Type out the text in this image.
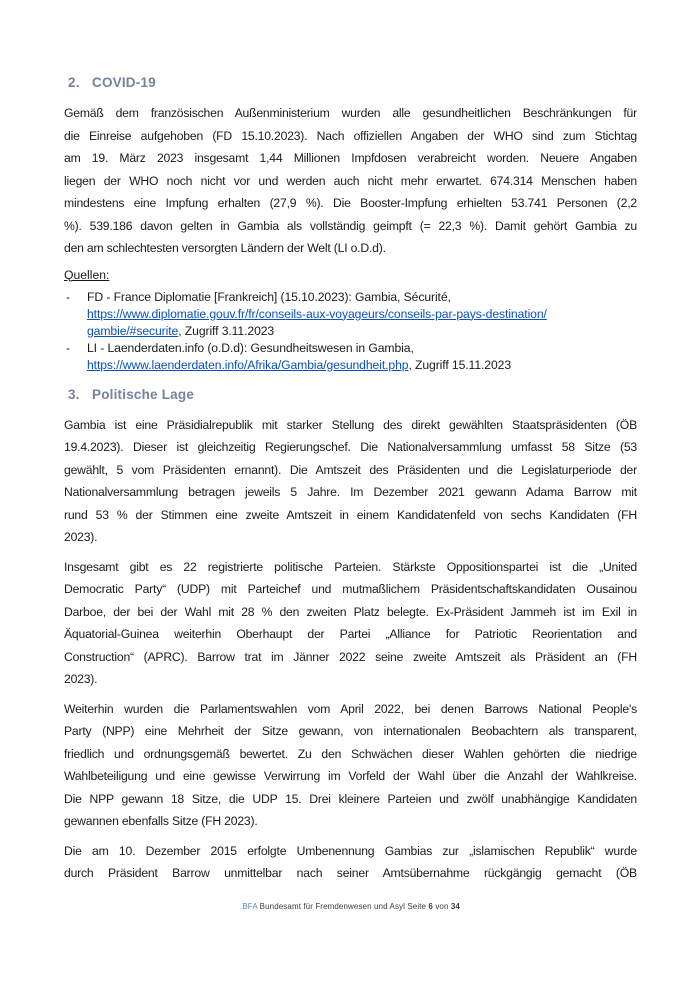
2. COVID-19
Gemäß dem französischen Außenministerium wurden alle gesundheitlichen Beschränkungen für
die Einreise aufgehoben (FD 15.10.2023). Nach offiziellen Angaben der WHO sind zum Stichtag
am 19. März 2023 insgesamt 1,44 Millionen Impfdosen verabreicht worden. Neuere Angaben
liegen der WHO noch nicht vor und werden auch nicht mehr erwartet. 674.314 Menschen haben
mindestens eine Impfung erhalten (27,9 %). Die Booster-Impfung erhielten 53.741 Personen (2,2
%). 539.186 davon gelten in Gambia als vollständig geimpft (= 22,3 %). Damit gehört Gambia zu
den am schlechtesten versorgten Ländern der Welt (LI o.D.d).
Quellen:
-	FD - France Diplomatie [Frankreich] (15.10.2023): Gambia, Sécurité,
https://www.diplomatie.gouv.fr/fr/conseils-aux-voyageurs/conseils-par-pays-destination/
gambie/#securite, Zugriff 3.11.2023
-	LI - Laenderdaten.info (o.D.d): Gesundheitswesen in Gambia,
https://www.laenderdaten.info/Afrika/Gambia/gesundheit.php, Zugriff 15.11.2023
3. Politische Lage
Gambia ist eine Präsidialrepublik mit starker Stellung des direkt gewählten Staatspräsidenten (ÖB
19.4.2023). Dieser ist gleichzeitig Regierungschef. Die Nationalversammlung umfasst 58 Sitze (53
gewählt, 5 vom Präsidenten ernannt). Die Amtszeit des Präsidenten und die Legislaturperiode der
Nationalversammlung betragen jeweils 5 Jahre. Im Dezember 2021 gewann Adama Barrow mit
rund 53 % der Stimmen eine zweite Amtszeit in einem Kandidatenfeld von sechs Kandidaten (FH
2023).
Insgesamt gibt es 22 registrierte politische Parteien. Stärkste Oppositionspartei ist die „United
Democratic Party“ (UDP) mit Parteichef und mutmaßlichem Präsidentschaftskandidaten Ousainou
Darboe, der bei der Wahl mit 28 % den zweiten Platz belegte. Ex-Präsident Jammeh ist im Exil in
Äquatorial-Guinea weiterhin Oberhaupt der Partei „Alliance for Patriotic Reorientation and
Construction“ (APRC). Barrow trat im Jänner 2022 seine zweite Amtszeit als Präsident an (FH
2023).
Weiterhin wurden die Parlamentswahlen vom April 2022, bei denen Barrows National People's
Party (NPP) eine Mehrheit der Sitze gewann, von internationalen Beobachtern als transparent,
friedlich und ordnungsgemäß bewertet. Zu den Schwächen dieser Wahlen gehörten die niedrige
Wahlbeteiligung und eine gewisse Verwirrung im Vorfeld der Wahl über die Anzahl der Wahlkreise.
Die NPP gewann 18 Sitze, die UDP 15. Drei kleinere Parteien und zwölf unabhängige Kandidaten
gewannen ebenfalls Sitze (FH 2023).
Die am 10. Dezember 2015 erfolgte Umbenennung Gambias zur „islamischen Republik“ wurde
durch Präsident Barrow unmittelbar nach seiner Amtsübernahme rückgängig gemacht (ÖB
.BFA Bundesamt für Fremdenwesen und Asyl Seite 6 von 34
